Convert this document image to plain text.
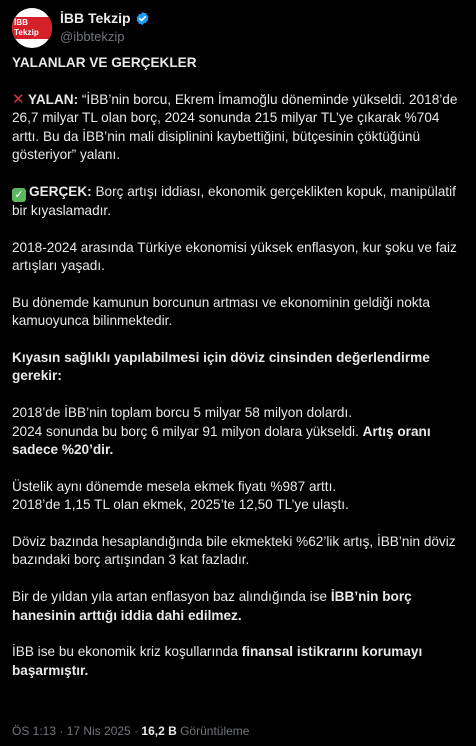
İBB Tekzip
İBB Tekzip
@ibbtekzip

YALANLAR VE GERÇEKLER

✕ YALAN: “İBB’nin borcu, Ekrem İmamoğlu döneminde yükseldi. 2018’de 26,7 milyar TL olan borç, 2024 sonunda 215 milyar TL’ye çıkarak %704 arttı. Bu da İBB’nin mali disiplinini kaybettiğini, bütçesinin çöktüğünü gösteriyor” yalanı.

✓ GERÇEK: Borç artışı iddiası, ekonomik gerçeklikten kopuk, manipülatif bir kıyaslamadır.

2018-2024 arasında Türkiye ekonomisi yüksek enflasyon, kur şoku ve faiz artışları yaşadı.

Bu dönemde kamunun borcunun artması ve ekonominin geldiği nokta kamuoyunca bilinmektedir.

Kıyasın sağlıklı yapılabilmesi için döviz cinsinden değerlendirme gerekir:

2018’de İBB’nin toplam borcu 5 milyar 58 milyon dolardı.
2024 sonunda bu borç 6 milyar 91 milyon dolara yükseldi. Artış oranı sadece %20’dir.

Üstelik aynı dönemde mesela ekmek fiyatı %987 arttı.
2018’de 1,15 TL olan ekmek, 2025’te 12,50 TL’ye ulaştı.

Döviz bazında hesaplandığında bile ekmekteki %62’lik artış, İBB’nin döviz bazındaki borç artışından 3 kat fazladır.

Bir de yıldan yıla artan enflasyon baz alındığında ise İBB’nin borç hanesinin arttığı iddia dahi edilmez.

İBB ise bu ekonomik kriz koşullarında finansal istikrarını korumayı başarmıştır.

ÖS 1:13 · 17 Nis 2025 · 16,2 B Görüntüleme
